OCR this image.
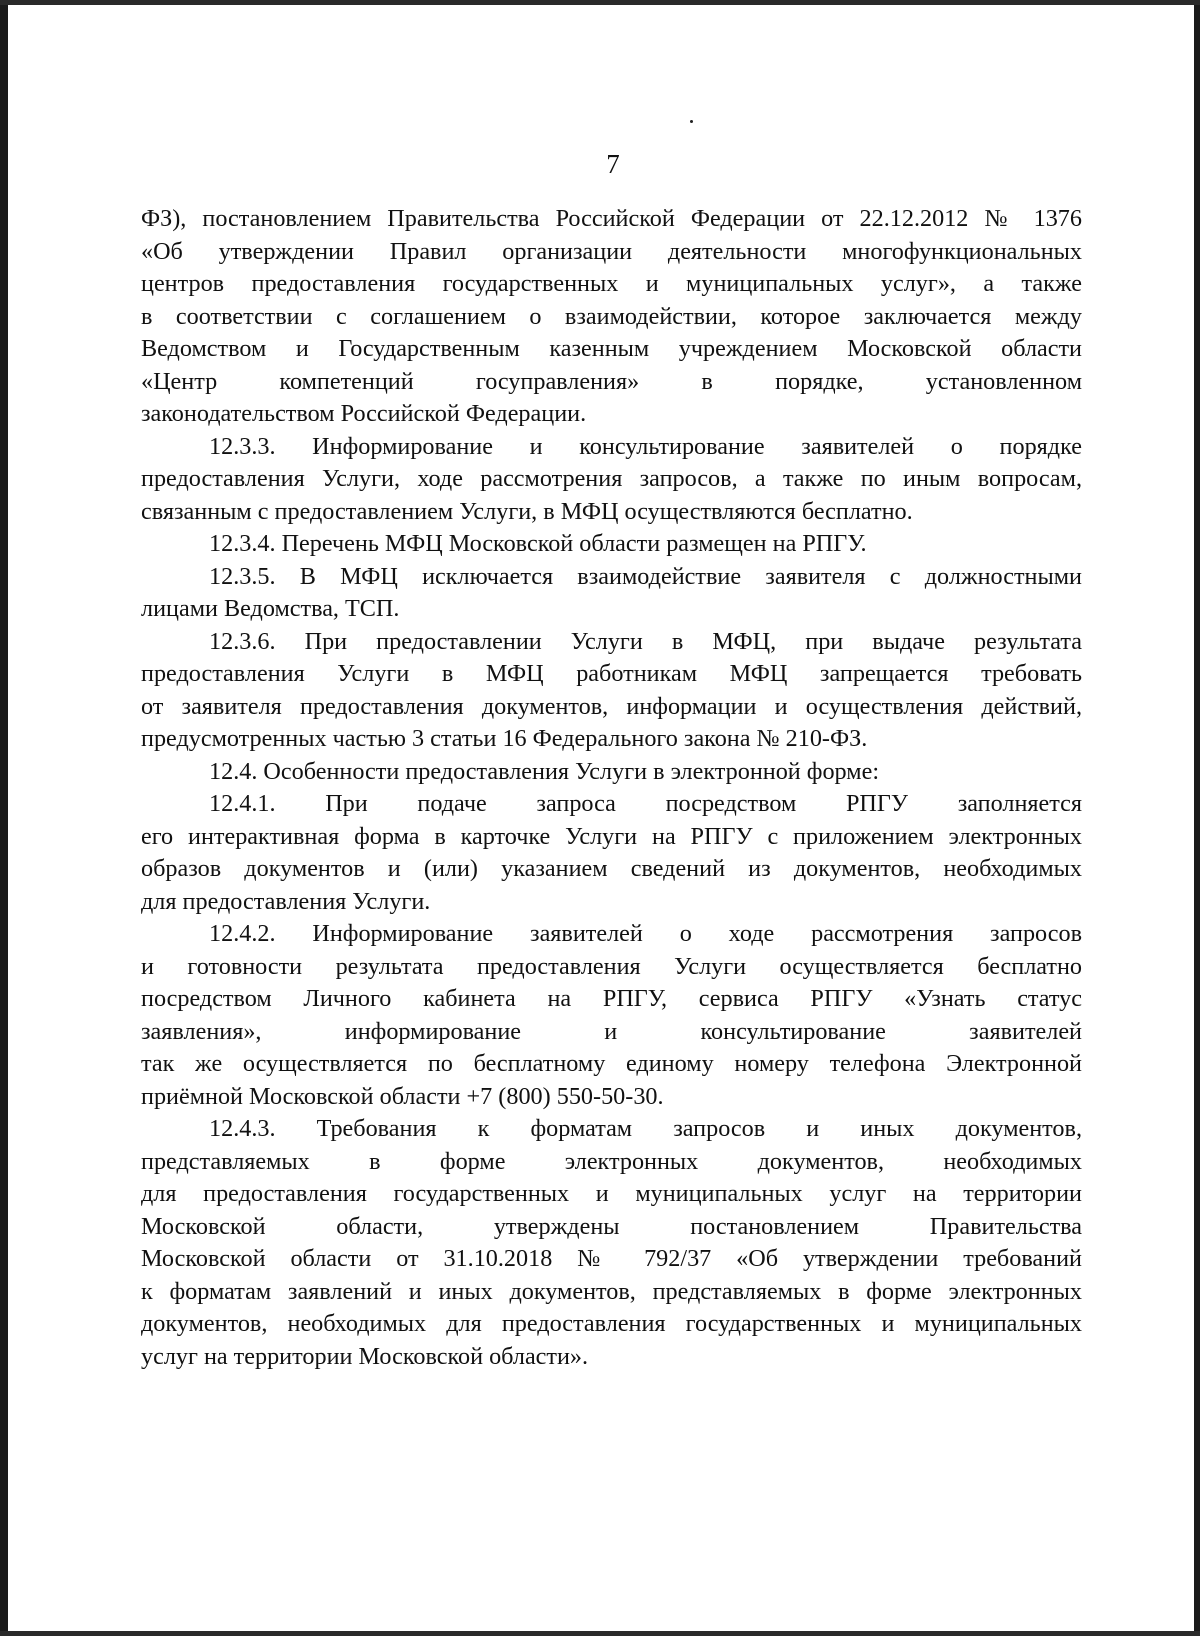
7
ФЗ), постановлением Правительства Российской Федерации от 22.12.2012 № 1376
«Об утверждении Правил организации деятельности многофункциональных
центров предоставления государственных и муниципальных услуг», а также
в соответствии с соглашением о взаимодействии, которое заключается между
Ведомством и Государственным казенным учреждением Московской области
«Центр компетенций госуправления» в порядке, установленном
законодательством Российской Федерации.
12.3.3. Информирование и консультирование заявителей о порядке
предоставления Услуги, ходе рассмотрения запросов, а также по иным вопросам,
связанным с предоставлением Услуги, в МФЦ осуществляются бесплатно.
12.3.4. Перечень МФЦ Московской области размещен на РПГУ.
12.3.5. В МФЦ исключается взаимодействие заявителя с должностными
лицами Ведомства, ТСП.
12.3.6. При предоставлении Услуги в МФЦ, при выдаче результата
предоставления Услуги в МФЦ работникам МФЦ запрещается требовать
от заявителя предоставления документов, информации и осуществления действий,
предусмотренных частью 3 статьи 16 Федерального закона № 210-ФЗ.
12.4. Особенности предоставления Услуги в электронной форме:
12.4.1. При подаче запроса посредством РПГУ заполняется
его интерактивная форма в карточке Услуги на РПГУ с приложением электронных
образов документов и (или) указанием сведений из документов, необходимых
для предоставления Услуги.
12.4.2. Информирование заявителей о ходе рассмотрения запросов
и готовности результата предоставления Услуги осуществляется бесплатно
посредством Личного кабинета на РПГУ, сервиса РПГУ «Узнать статус
заявления», информирование и консультирование заявителей
так же осуществляется по бесплатному единому номеру телефона Электронной
приёмной Московской области +7 (800) 550-50-30.
12.4.3. Требования к форматам запросов и иных документов,
представляемых в форме электронных документов, необходимых
для предоставления государственных и муниципальных услуг на территории
Московской области, утверждены постановлением Правительства
Московской области от 31.10.2018 № 792/37 «Об утверждении требований
к форматам заявлений и иных документов, представляемых в форме электронных
документов, необходимых для предоставления государственных и муниципальных
услуг на территории Московской области».
